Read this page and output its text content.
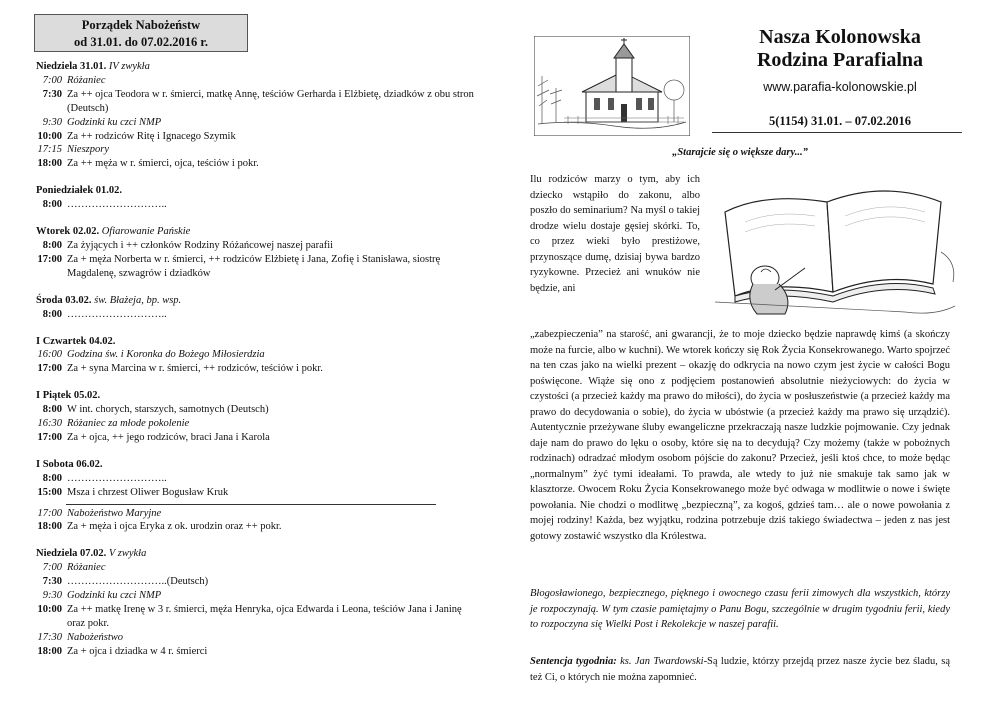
Porządek Nabożeństw
od 31.01. do 07.02.2016 r.
Niedziela 31.01. IV zwykła
7:00 Różaniec
7:30 Za ++ ojca Teodora w r. śmierci, matkę Annę, teściów Gerharda i Elżbietę, dziadków z obu stron (Deutsch)
9:30 Godzinki ku czci NMP
10:00 Za ++ rodziców Ritę i Ignacego Szymik
17:15 Nieszpory
18:00 Za ++ męża w r. śmierci, ojca, teściów i pokr.
Poniedziałek 01.02.
8:00 ………………………..
Wtorek 02.02. Ofiarowanie Pańskie
8:00 Za żyjących i ++ członków Rodziny Różańcowej naszej parafii
17:00 Za + męża Norberta w r. śmierci, ++ rodziców Elżbietę i Jana, Zofię i Stanisława, siostrę Magdalenę, szwagrów i dziadków
Środa 03.02. św. Błażeja, bp. wsp.
8:00 ………………………..
I Czwartek 04.02.
16:00 Godzina św. i Koronka do Bożego Miłosierdzia
17:00 Za + syna Marcina w r. śmierci, ++ rodziców, teściów i pokr.
I Piątek 05.02.
8:00 W int. chorych, starszych, samotnych (Deutsch)
16:30 Różaniec za młode pokolenie
17:00 Za + ojca, ++ jego rodziców, braci Jana i Karola
I Sobota 06.02.
8:00 ………………………..
15:00 Msza i chrzest Oliwer Bogusław Kruk
17:00 Nabożeństwo Maryjne
18:00 Za + męża i ojca Eryka z ok. urodzin oraz ++ pokr.
Niedziela 07.02. V zwykła
7:00 Różaniec
7:30 ………………………..(Deutsch)
9:30 Godzinki ku czci NMP
10:00 Za ++ matkę Irenę w 3 r. śmierci, męża Henryka, ojca Edwarda i Leona, teściów Jana i Janinę oraz pokr.
17:30 Nabożeństwo
18:00 Za + ojca i dziadka w 4 r. śmierci
Nasza Kolonowska
Rodzina Parafialna
www.parafia-kolonowskie.pl
5(1154) 31.01. – 07.02.2016
„Starajcie się o większe dary...”
Ilu rodziców marzy o tym, aby ich dziecko wstąpiło do zakonu, albo poszło do seminarium? Na myśl o takiej drodze wielu dostaje gęsiej skórki. To, co przez wieki było prestiżowe, przynoszące dumę, dzisiaj bywa bardzo ryzykowne. Przecież ani wnuków nie będzie, ani
„zabezpieczenia” na starość, ani gwarancji, że to moje dziecko będzie naprawdę kimś (a skończy może na furcie, albo w kuchni). We wtorek kończy się Rok Życia Konsekrowanego. Warto spojrzeć na ten czas jako na wielki prezent – okazję do odkrycia na nowo czym jest życie w całości Bogu poświęcone. Wiąże się ono z podjęciem postanowień absolutnie nieżyciowych: do życia w czystości (a przecież każdy ma prawo do miłości), do życia w posłuszeństwie (a przecież każdy ma prawo do decydowania o sobie), do życia w ubóstwie (a przecież każdy ma prawo się urządzić). Autentycznie przeżywane śluby ewangeliczne przekraczają nasze ludzkie pojmowanie. Czy jednak daje nam do prawo do lęku o osoby, które się na to decydują? Czy możemy (także w pobożnych rodzinach) odradzać młodym osobom pójście do zakonu? Przecież, jeśli ktoś chce, to może będąc „normalnym” żyć tymi ideałami. To prawda, ale wtedy to już nie smakuje tak samo jak w klasztorze. Owocem Roku Życia Konsekrowanego może być odwaga w modlitwie o nowe i święte powołania. Nie chodzi o modlitwę „bezpieczną”, za kogoś, gdzieś tam… ale o nowe powołania z mojej rodziny! Każda, bez wyjątku, rodzina potrzebuje dziś takiego świadectwa – jeden z nas jest gotowy zostawić wszystko dla Królestwa.
Błogosławionego, bezpiecznego, pięknego i owocnego czasu ferii zimowych dla wszystkich, którzy je rozpoczynają. W tym czasie pamiętajmy o Panu Bogu, szczególnie w drugim tygodniu ferii, kiedy to rozpoczyna się Wielki Post i Rekolekcje w naszej parafii.
Sentencja tygodnia: ks. Jan Twardowski-Są ludzie, którzy przejdą przez nasze życie bez śladu, są też Ci, o których nie można zapomnieć.
